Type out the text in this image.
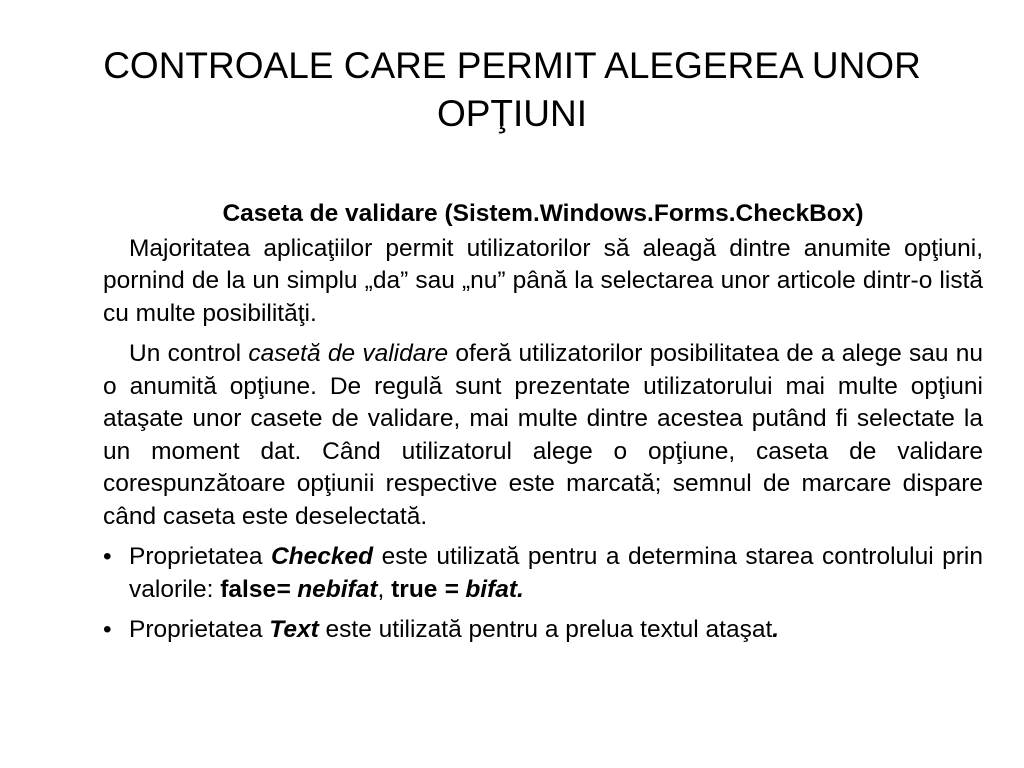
CONTROALE CARE PERMIT ALEGEREA UNOR
OPŢIUNI
Caseta de validare (Sistem.Windows.Forms.CheckBox)
Majoritatea aplicaţiilor permit utilizatorilor să aleagă dintre anumite opţiuni, pornind de la un simplu „da” sau „nu” până la selectarea unor articole dintr-o listă cu multe posibilităţi.
Un control casetă de validare oferă utilizatorilor posibilitatea de a alege sau nu o anumită opţiune. De regulă sunt prezentate utilizatorului mai multe opţiuni ataşate unor casete de validare, mai multe dintre acestea putând fi selectate la un moment dat. Când utilizatorul alege o opţiune, caseta de validare corespunzătoare opţiunii respective este marcată; semnul de marcare dispare când caseta este deselectată.
• Proprietatea Checked este utilizată pentru a determina starea controlului prin valorile: false= nebifat, true = bifat.
• Proprietatea Text este utilizată pentru a prelua textul ataşat.
